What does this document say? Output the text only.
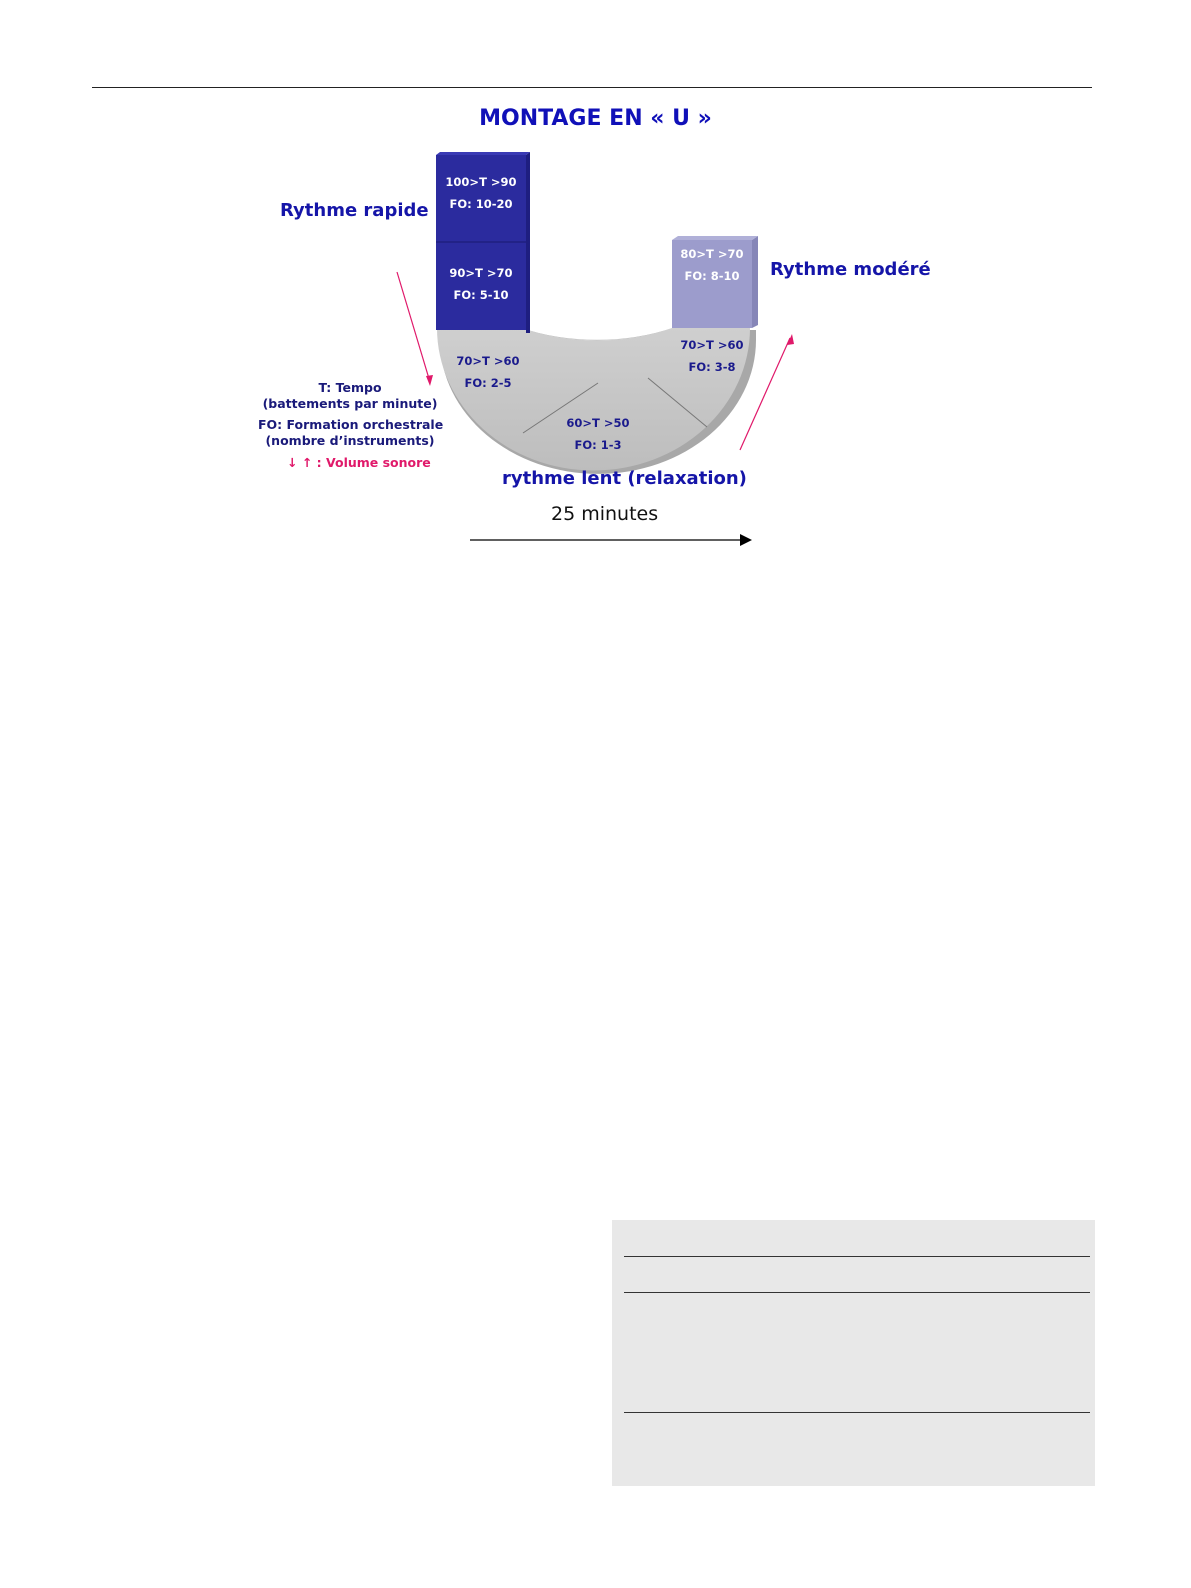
MONTAGE EN « U »
Rythme rapide
Rythme modéré
100>T >90
FO: 10-20
90>T >70
FO: 5-10
70>T >60
FO: 2-5
60>T >50
FO: 1-3
70>T >60
FO: 3-8
80>T >70
FO: 8-10
T: Tempo
(battements par minute)
FO: Formation orchestrale
(nombre d’instruments)
↓ ↑ : Volume sonore
rythme lent (relaxation)
25 minutes
